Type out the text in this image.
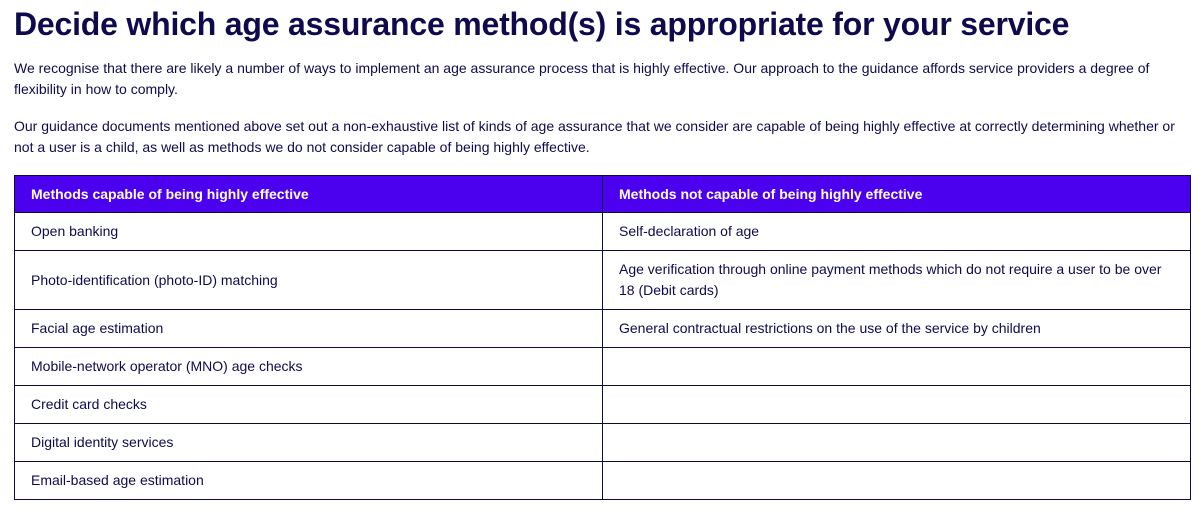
Decide which age assurance method(s) is appropriate for your service

We recognise that there are likely a number of ways to implement an age assurance process that is highly effective. Our approach to the guidance affords service providers a degree of flexibility in how to comply.

Our guidance documents mentioned above set out a non-exhaustive list of kinds of age assurance that we consider are capable of being highly effective at correctly determining whether or not a user is a child, as well as methods we do not consider capable of being highly effective.

Methods capable of being highly effective	Methods not capable of being highly effective
Open banking	Self-declaration of age
Photo-identification (photo-ID) matching	Age verification through online payment methods which do not require a user to be over 18 (Debit cards)
Facial age estimation	General contractual restrictions on the use of the service by children
Mobile-network operator (MNO) age checks	
Credit card checks	
Digital identity services	
Email-based age estimation	
